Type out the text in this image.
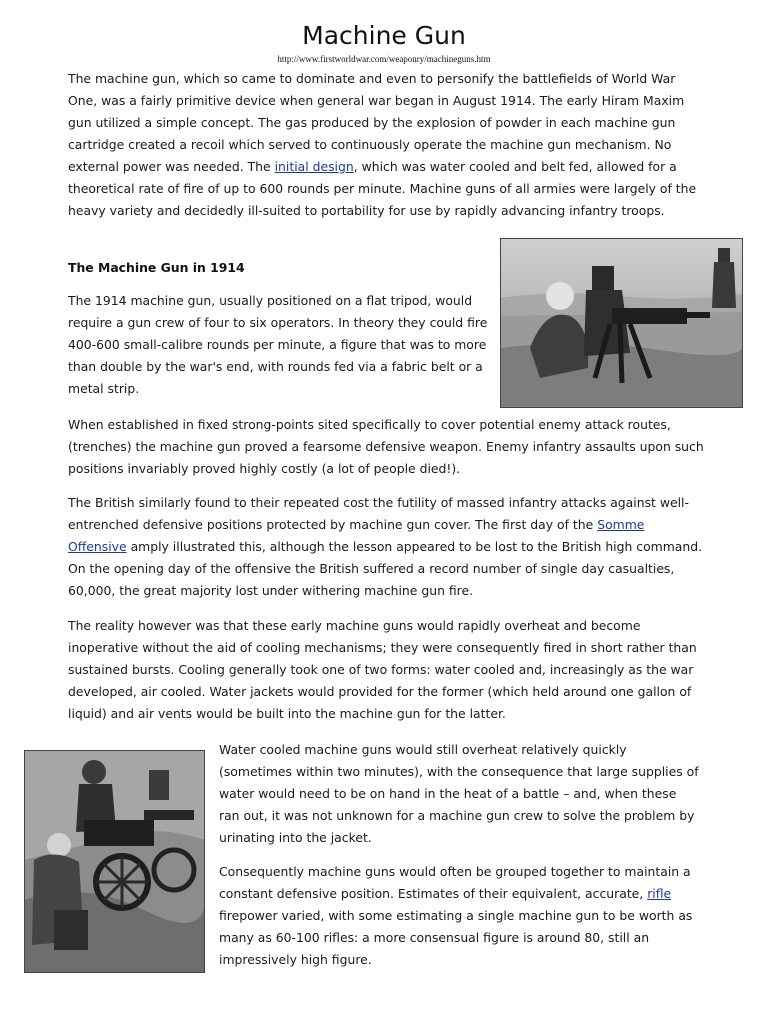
Machine Gun
http://www.firstworldwar.com/weaponry/machineguns.htm

The machine gun, which so came to dominate and even to personify the battlefields of World War One, was a fairly primitive device when general war began in August 1914. The early Hiram Maxim gun utilized a simple concept. The gas produced by the explosion of powder in each machine gun cartridge created a recoil which served to continuously operate the machine gun mechanism. No external power was needed. The initial design, which was water cooled and belt fed, allowed for a theoretical rate of fire of up to 600 rounds per minute. Machine guns of all armies were largely of the heavy variety and decidedly ill-suited to portability for use by rapidly advancing infantry troops.

The Machine Gun in 1914

The 1914 machine gun, usually positioned on a flat tripod, would require a gun crew of four to six operators. In theory they could fire 400-600 small-calibre rounds per minute, a figure that was to more than double by the war's end, with rounds fed via a fabric belt or a metal strip.

When established in fixed strong-points sited specifically to cover potential enemy attack routes, (trenches) the machine gun proved a fearsome defensive weapon. Enemy infantry assaults upon such positions invariably proved highly costly (a lot of people died!).

The British similarly found to their repeated cost the futility of massed infantry attacks against well-entrenched defensive positions protected by machine gun cover. The first day of the Somme Offensive amply illustrated this, although the lesson appeared to be lost to the British high command. On the opening day of the offensive the British suffered a record number of single day casualties, 60,000, the great majority lost under withering machine gun fire.

The reality however was that these early machine guns would rapidly overheat and become inoperative without the aid of cooling mechanisms; they were consequently fired in short rather than sustained bursts. Cooling generally took one of two forms: water cooled and, increasingly as the war developed, air cooled. Water jackets would provided for the former (which held around one gallon of liquid) and air vents would be built into the machine gun for the latter.

Water cooled machine guns would still overheat relatively quickly (sometimes within two minutes), with the consequence that large supplies of water would need to be on hand in the heat of a battle – and, when these ran out, it was not unknown for a machine gun crew to solve the problem by urinating into the jacket.

Consequently machine guns would often be grouped together to maintain a constant defensive position. Estimates of their equivalent, accurate, rifle firepower varied, with some estimating a single machine gun to be worth as many as 60-100 rifles: a more consensual figure is around 80, still an impressively high figure.
